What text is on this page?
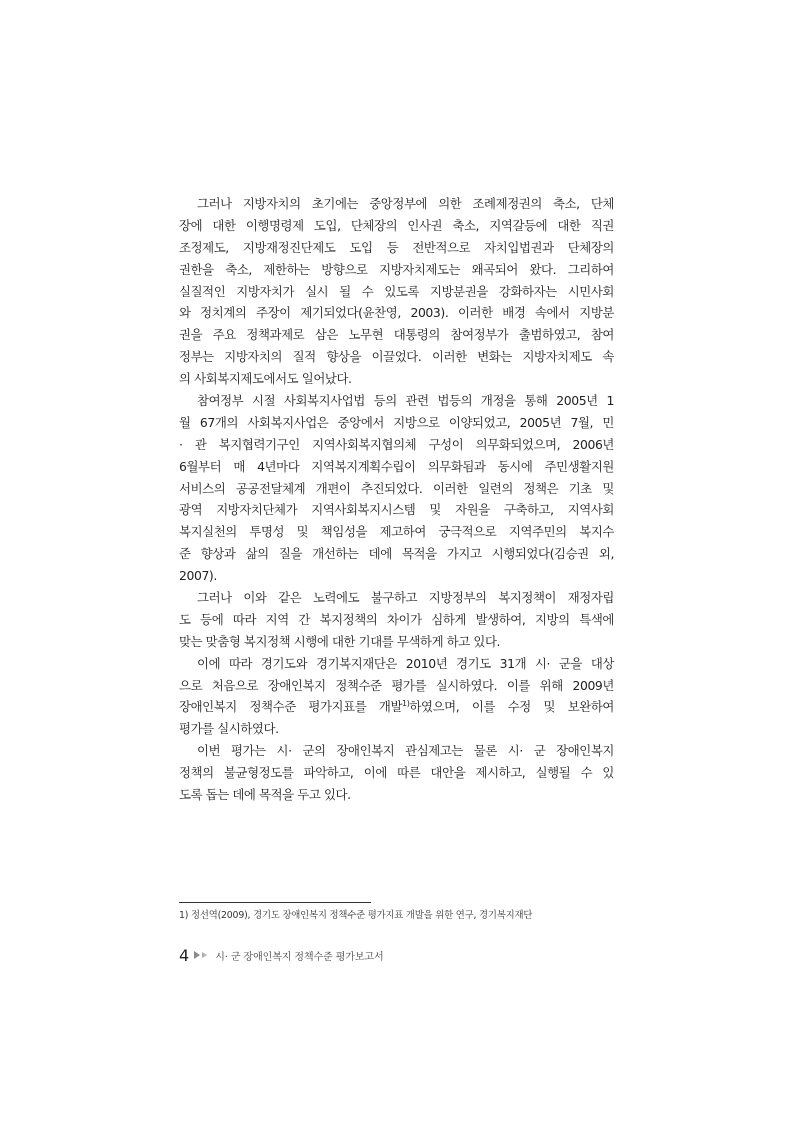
그러나 지방자치의 초기에는 중앙정부에 의한 조례제정권의 축소, 단체
장에 대한 이행명령제 도입, 단체장의 인사권 축소, 지역갈등에 대한 직권
조정제도, 지방재정진단제도 도입 등 전반적으로 자치입법권과 단체장의
권한을 축소, 제한하는 방향으로 지방자치제도는 왜곡되어 왔다. 그리하여
실질적인 지방자치가 실시 될 수 있도록 지방분권을 강화하자는 시민사회
와 정치계의 주장이 제기되었다(윤찬영, 2003). 이러한 배경 속에서 지방분
권을 주요 정책과제로 삼은 노무현 대통령의 참여정부가 출범하였고, 참여
정부는 지방자치의 질적 향상을 이끌었다. 이러한 변화는 지방자치제도 속
의 사회복지제도에서도 일어났다.
참여정부 시절 사회복지사업법 등의 관련 법등의 개정을 통해 2005년 1
월 67개의 사회복지사업은 중앙에서 지방으로 이양되었고, 2005년 7월, 민
· 관 복지협력기구인 지역사회복지협의체 구성이 의무화되었으며, 2006년
6월부터 매 4년마다 지역복지계획수립이 의무화됨과 동시에 주민생활지원
서비스의 공공전달체계 개편이 추진되었다. 이러한 일련의 정책은 기초 및
광역 지방자치단체가 지역사회복지시스템 및 자원을 구축하고, 지역사회
복지실천의 투명성 및 책임성을 제고하여 궁극적으로 지역주민의 복지수
준 향상과 삶의 질을 개선하는 데에 목적을 가지고 시행되었다(김승권 외,
2007).
그러나 이와 같은 노력에도 불구하고 지방정부의 복지정책이 재정자립
도 등에 따라 지역 간 복지정책의 차이가 심하게 발생하여, 지방의 특색에
맞는 맞춤형 복지정책 시행에 대한 기대를 무색하게 하고 있다.
이에 따라 경기도와 경기복지재단은 2010년 경기도 31개 시· 군을 대상
으로 처음으로 장애인복지 정책수준 평가를 실시하였다. 이를 위해 2009년
장애인복지 정책수준 평가지표를 개발$^{1)}$하였으며, 이를 수정 및 보완하여
평가를 실시하였다.
이번 평가는 시· 군의 장애인복지 관심제고는 물론 시· 군 장애인복지
정책의 불균형정도를 파악하고, 이에 따른 대안을 제시하고, 실행될 수 있
도록 돕는 데에 목적을 두고 있다.
1) 정선역(2009), 경기도 장애인복지 정책수준 평가지표 개발을 위한 연구, 경기복지재단
4	시· 군 장애인복지 정책수준 평가보고서
